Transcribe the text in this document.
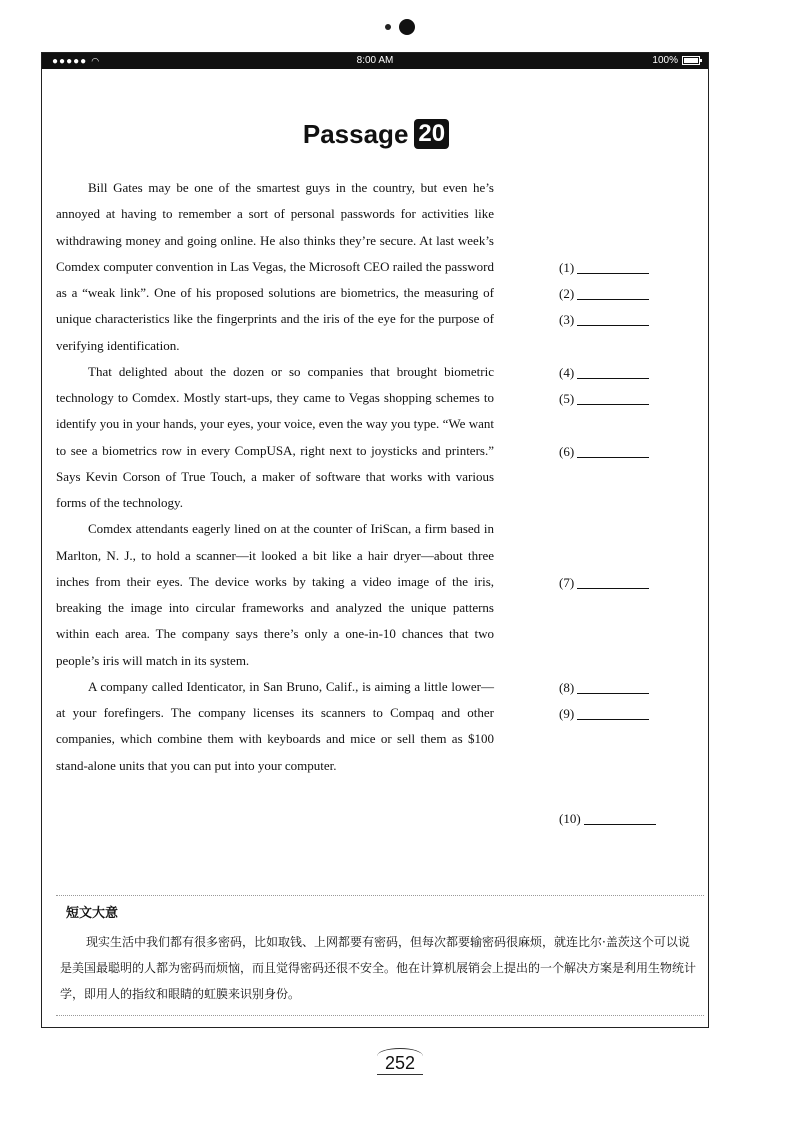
●●●●● ◠	8:00 AM	100%
Passage 20

Bill Gates may be one of the smartest guys in the country, but even he’s annoyed at having to remember a sort of personal passwords for activities like withdrawing money and going online. He also thinks they’re secure. At last week’s Comdex computer convention in Las Vegas, the Microsoft CEO railed the password as a “weak link”. One of his proposed solutions are biometrics, the measuring of unique characteristics like the fingerprints and the iris of the eye for the purpose of verifying identification.

That delighted about the dozen or so companies that brought biometric technology to Comdex. Mostly start-ups, they came to Vegas shopping schemes to identify you in your hands, your eyes, your voice, even the way you type. “We want to see a biometrics row in every CompUSA, right next to joysticks and printers.” Says Kevin Corson of True Touch, a maker of software that works with various forms of the technology.

Comdex attendants eagerly lined on at the counter of IriScan, a firm based in Marlton, N. J., to hold a scanner—it looked a bit like a hair dryer—about three inches from their eyes. The device works by taking a video image of the iris, breaking the image into circular frameworks and analyzed the unique patterns within each area. The company says there’s only a one-in-10 chances that two people’s iris will match in its system.

A company called Identicator, in San Bruno, Calif., is aiming a little lower—at your forefingers. The company licenses its scanners to Compaq and other companies, which combine them with keyboards and mice or sell them as $100 stand-alone units that you can put into your computer.

(1)
(2)
(3)
(4)
(5)
(6)
(7)
(8)
(9)
(10)
短文大意
现实生活中我们都有很多密码，比如取钱、上网都要有密码，但每次都要输密码很麻烦，就连比尔·盖茨这个可以说是美国最聪明的人都为密码而烦恼，而且觉得密码还很不安全。他在计算机展销会上提出的一个解决方案是利用生物统计学，即用人的指纹和眼睛的虹膜来识别身份。
252
